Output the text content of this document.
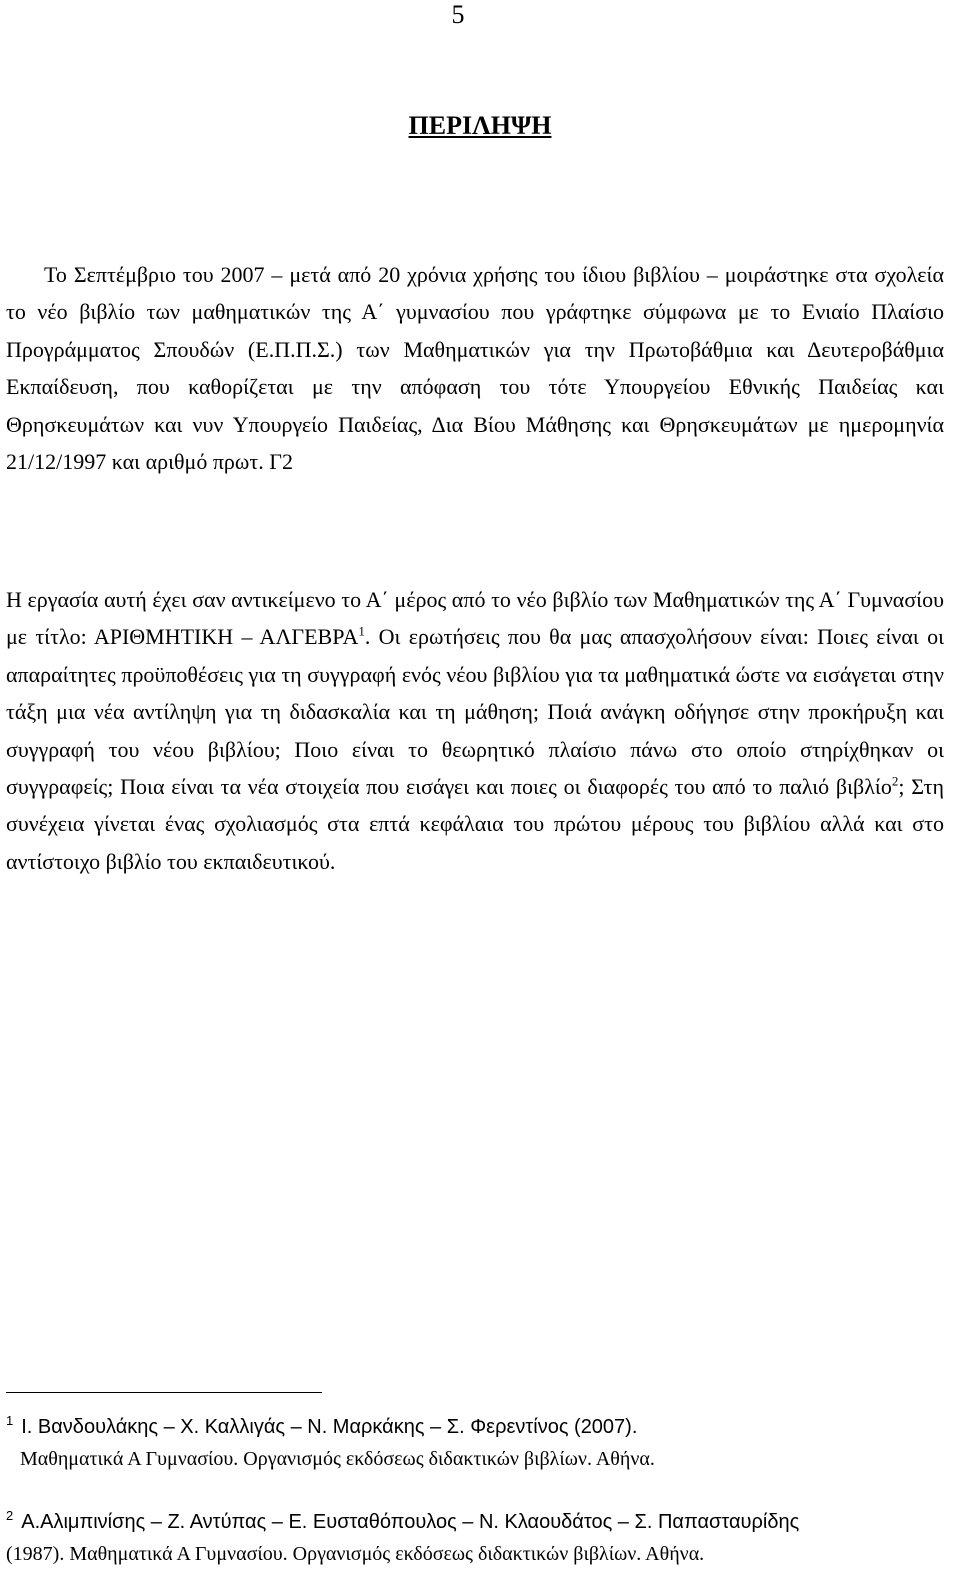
5
ΠΕΡΙΛΗΨΗ
Το Σεπτέμβριο του 2007 – μετά από 20 χρόνια χρήσης του ίδιου βιβλίου – μοιράστηκε στα σχολεία το νέο βιβλίο των μαθηματικών της Α΄ γυμνασίου που γράφτηκε σύμφωνα με το Ενιαίο Πλαίσιο Προγράμματος Σπουδών (Ε.Π.Π.Σ.) των Μαθηματικών για την Πρωτοβάθμια και Δευτεροβάθμια Εκπαίδευση, που καθορίζεται με την απόφαση του τότε Υπουργείου Εθνικής Παιδείας και Θρησκευμάτων και νυν Υπουργείο Παιδείας, Δια Βίου Μάθησης και Θρησκευμάτων με ημερομηνία 21/12/1997 και αριθμό πρωτ. Γ2
Η εργασία αυτή έχει σαν αντικείμενο το Α΄ μέρος από το νέο βιβλίο των Μαθηματικών της Α΄ Γυμνασίου με τίτλο: ΑΡΙΘΜΗΤΙΚΗ – ΑΛΓΕΒΡΑ$^1$. Οι ερωτήσεις που θα μας απασχολήσουν είναι: Ποιες είναι οι απαραίτητες προϋποθέσεις για τη συγγραφή ενός νέου βιβλίου για τα μαθηματικά ώστε να εισάγεται στην τάξη μια νέα αντίληψη για τη διδασκαλία και τη μάθηση; Ποιά ανάγκη οδήγησε στην προκήρυξη και συγγραφή του νέου βιβλίου; Ποιο είναι το θεωρητικό πλαίσιο πάνω στο οποίο στηρίχθηκαν οι συγγραφείς; Ποια είναι τα νέα στοιχεία που εισάγει και ποιες οι διαφορές του από το παλιό βιβλίο$^2$; Στη συνέχεια γίνεται ένας σχολιασμός στα επτά κεφάλαια του πρώτου μέρους του βιβλίου αλλά και στο αντίστοιχο βιβλίο του εκπαιδευτικού.
$^1$ Ι. Βανδουλάκης – Χ. Καλλιγάς – Ν. Μαρκάκης – Σ. Φερεντίνος (2007).
Μαθηματικά Α Γυμνασίου. Οργανισμός εκδόσεως διδακτικών βιβλίων. Αθήνα.
$^2$ Α.Αλιμπινίσης – Ζ. Αντύπας – Ε. Ευσταθόπουλος – Ν. Κλαουδάτος – Σ. Παπασταυρίδης
(1987). Μαθηματικά Α Γυμνασίου. Οργανισμός εκδόσεως διδακτικών βιβλίων. Αθήνα.
